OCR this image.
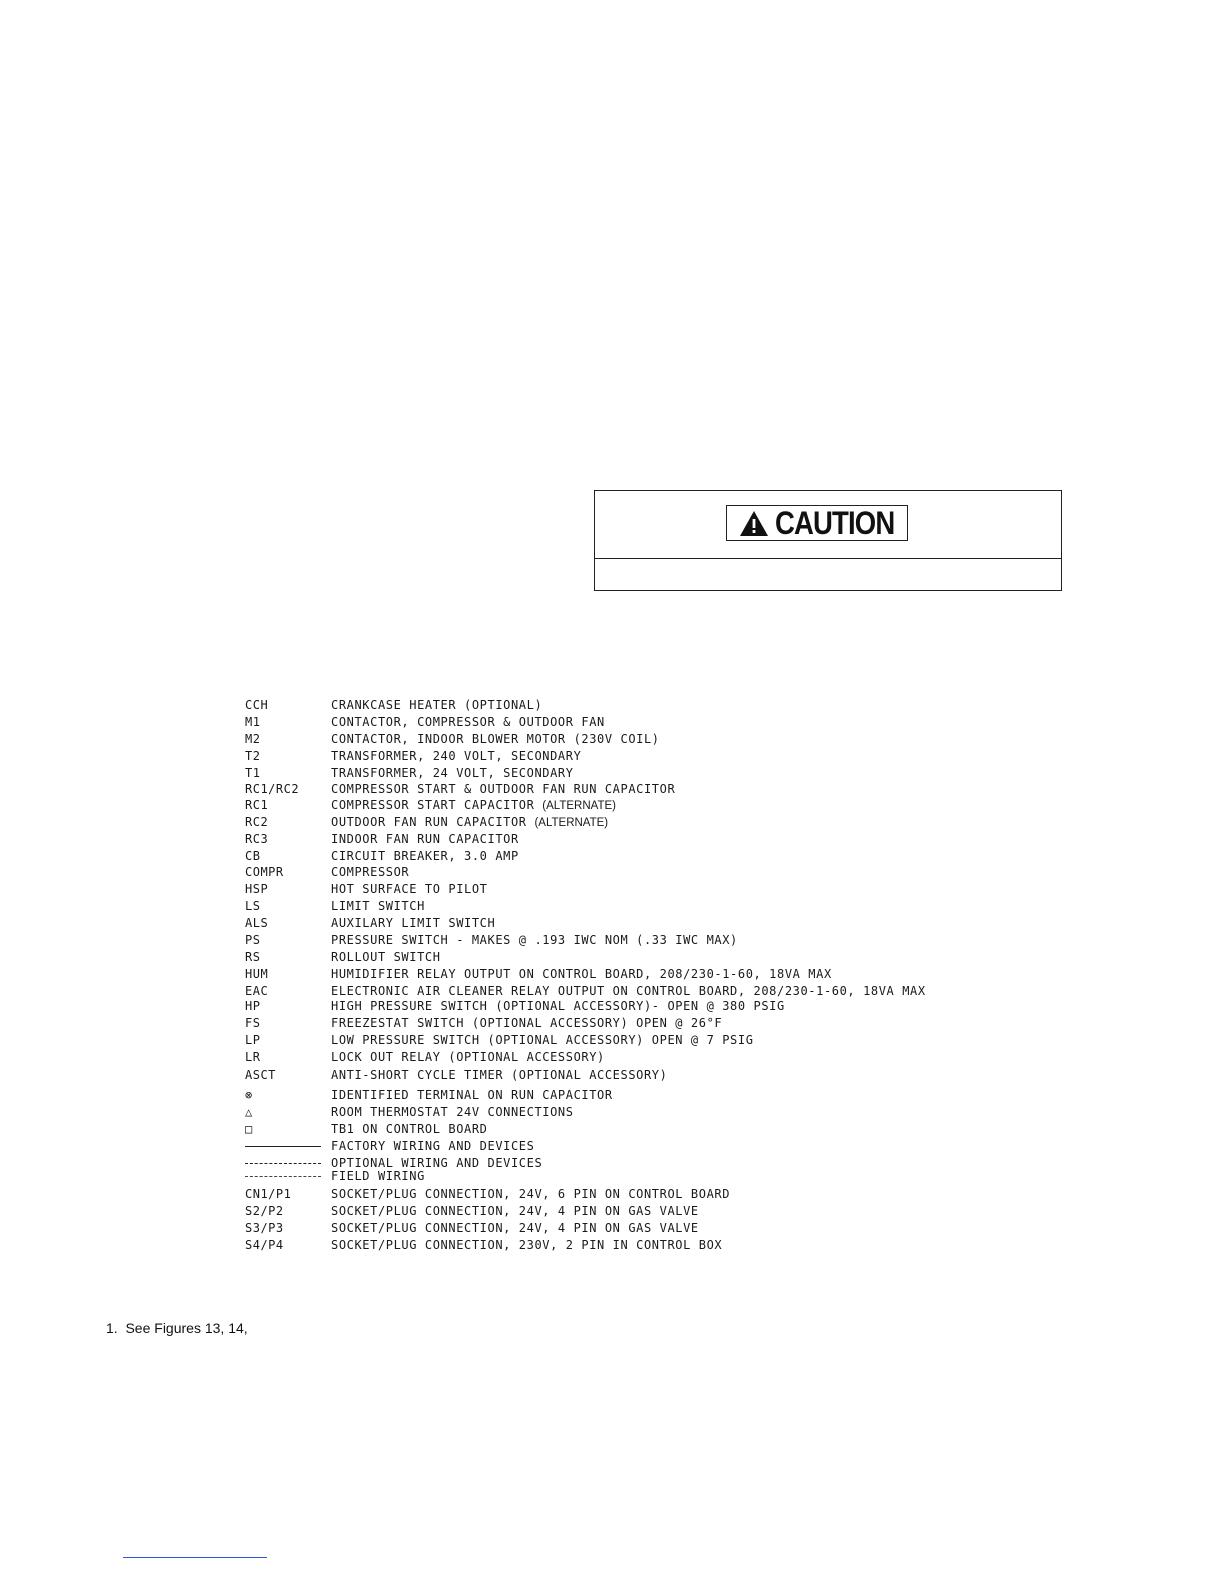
CAUTION
CCH	CRANKCASE HEATER (OPTIONAL)
M1	CONTACTOR, COMPRESSOR & OUTDOOR FAN
M2	CONTACTOR, INDOOR BLOWER MOTOR (230V COIL)
T2	TRANSFORMER, 240 VOLT, SECONDARY
T1	TRANSFORMER, 24 VOLT, SECONDARY
RC1/RC2	COMPRESSOR START & OUTDOOR FAN RUN CAPACITOR
RC1	COMPRESSOR START CAPACITOR (ALTERNATE)
RC2	OUTDOOR FAN RUN CAPACITOR (ALTERNATE)
RC3	INDOOR FAN RUN CAPACITOR
CB	CIRCUIT BREAKER, 3.0 AMP
COMPR	COMPRESSOR
HSP	HOT SURFACE TO PILOT
LS	LIMIT SWITCH
ALS	AUXILARY LIMIT SWITCH
PS	PRESSURE SWITCH - MAKES @ .193 IWC NOM (.33 IWC MAX)
RS	ROLLOUT SWITCH
HUM	HUMIDIFIER RELAY OUTPUT ON CONTROL BOARD, 208/230-1-60, 18VA MAX
EAC	ELECTRONIC AIR CLEANER RELAY OUTPUT ON CONTROL BOARD, 208/230-1-60, 18VA MAX
HP	HIGH PRESSURE SWITCH (OPTIONAL ACCESSORY)- OPEN @ 380 PSIG
FS	FREEZESTAT SWITCH (OPTIONAL ACCESSORY) OPEN @ 26°F
LP	LOW PRESSURE SWITCH (OPTIONAL ACCESSORY) OPEN @ 7 PSIG
LR	LOCK OUT RELAY (OPTIONAL ACCESSORY)
ASCT	ANTI-SHORT CYCLE TIMER (OPTIONAL ACCESSORY)
⊗	IDENTIFIED TERMINAL ON RUN CAPACITOR
△	ROOM THERMOSTAT 24V CONNECTIONS
□	TB1 ON CONTROL BOARD
FACTORY WIRING AND DEVICES
OPTIONAL WIRING AND DEVICES
FIELD WIRING
CN1/P1	SOCKET/PLUG CONNECTION, 24V, 6 PIN ON CONTROL BOARD
S2/P2	SOCKET/PLUG CONNECTION, 24V, 4 PIN ON GAS VALVE
S3/P3	SOCKET/PLUG CONNECTION, 24V, 4 PIN ON GAS VALVE
S4/P4	SOCKET/PLUG CONNECTION, 230V, 2 PIN IN CONTROL BOX
1. See Figures 13, 14,
